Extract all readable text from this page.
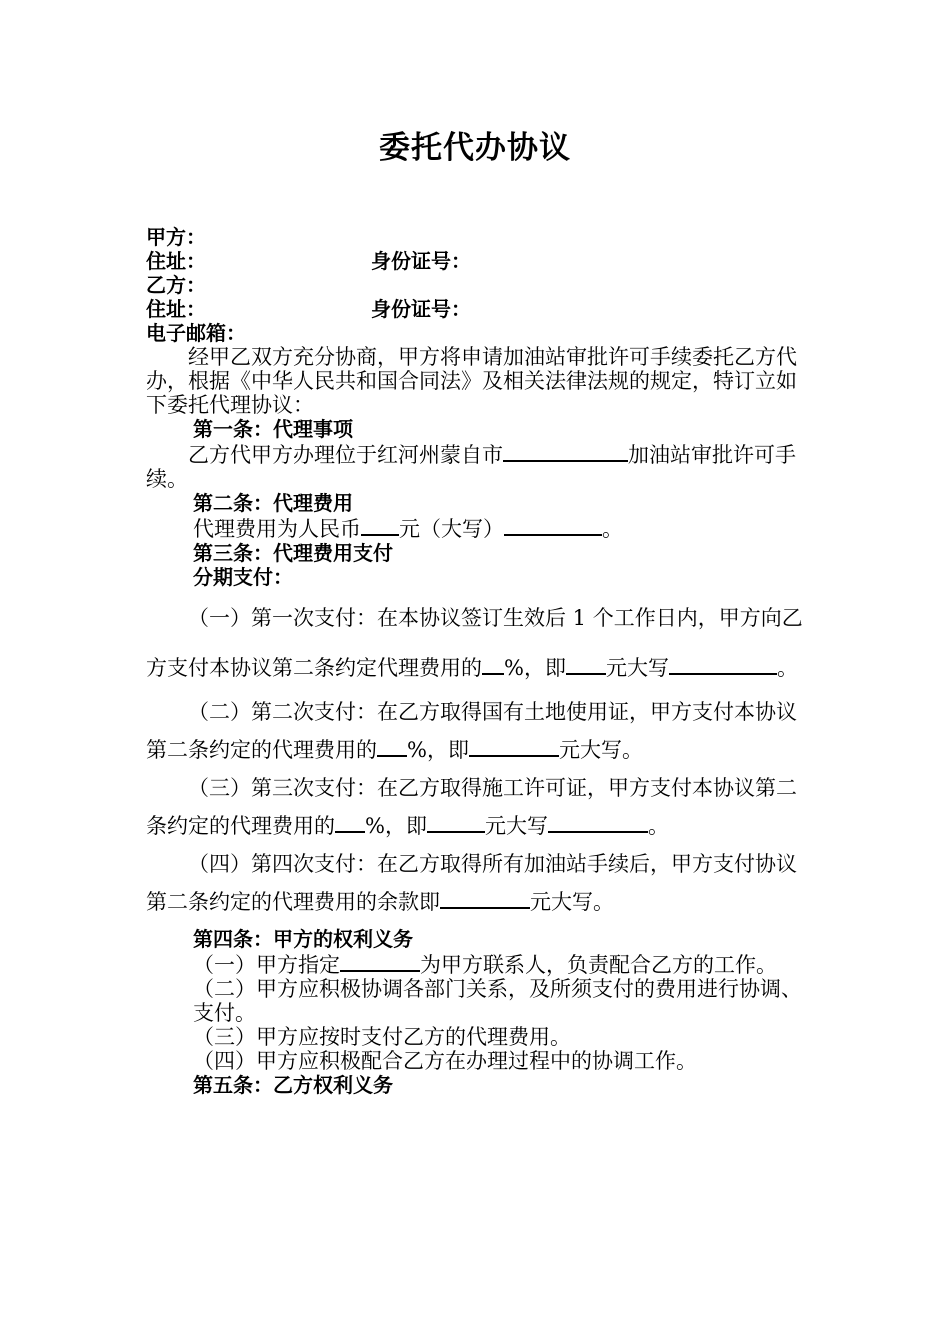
委托代办协议

甲方：

住址：	身份证号：

乙方：

住址：	身份证号：

电子邮箱：

经甲乙双方充分协商，甲方将申请加油站审批许可手续委托乙方代办，根据《中华人民共和国合同法》及相关法律法规的规定，特订立如下委托代理协议：

第一条：代理事项

乙方代甲方办理位于红河州蒙自市	加油站审批许可手续。

第二条：代理费用

代理费用为人民币 元（大写）	。

第三条：代理费用支付

分期支付：

（一）第一次支付：在本协议签订生效后 1 个工作日内，甲方向乙方支付本协议第二条约定代理费用的 %，即 元大写	。

（二）第二次支付：在乙方取得国有土地使用证，甲方支付本协议第二条约定的代理费用的 %，即	元大写。

（三）第三次支付：在乙方取得施工许可证，甲方支付本协议第二条约定的代理费用的 %，即	元大写	。

（四）第四次支付：在乙方取得所有加油站手续后，甲方支付协议第二条约定的代理费用的余款即	元大写。

第四条：甲方的权利义务

（一）甲方指定	为甲方联系人，负责配合乙方的工作。

（二）甲方应积极协调各部门关系，及所须支付的费用进行协调、支付。

（三）甲方应按时支付乙方的代理费用。

（四）甲方应积极配合乙方在办理过程中的协调工作。

第五条：乙方权利义务
